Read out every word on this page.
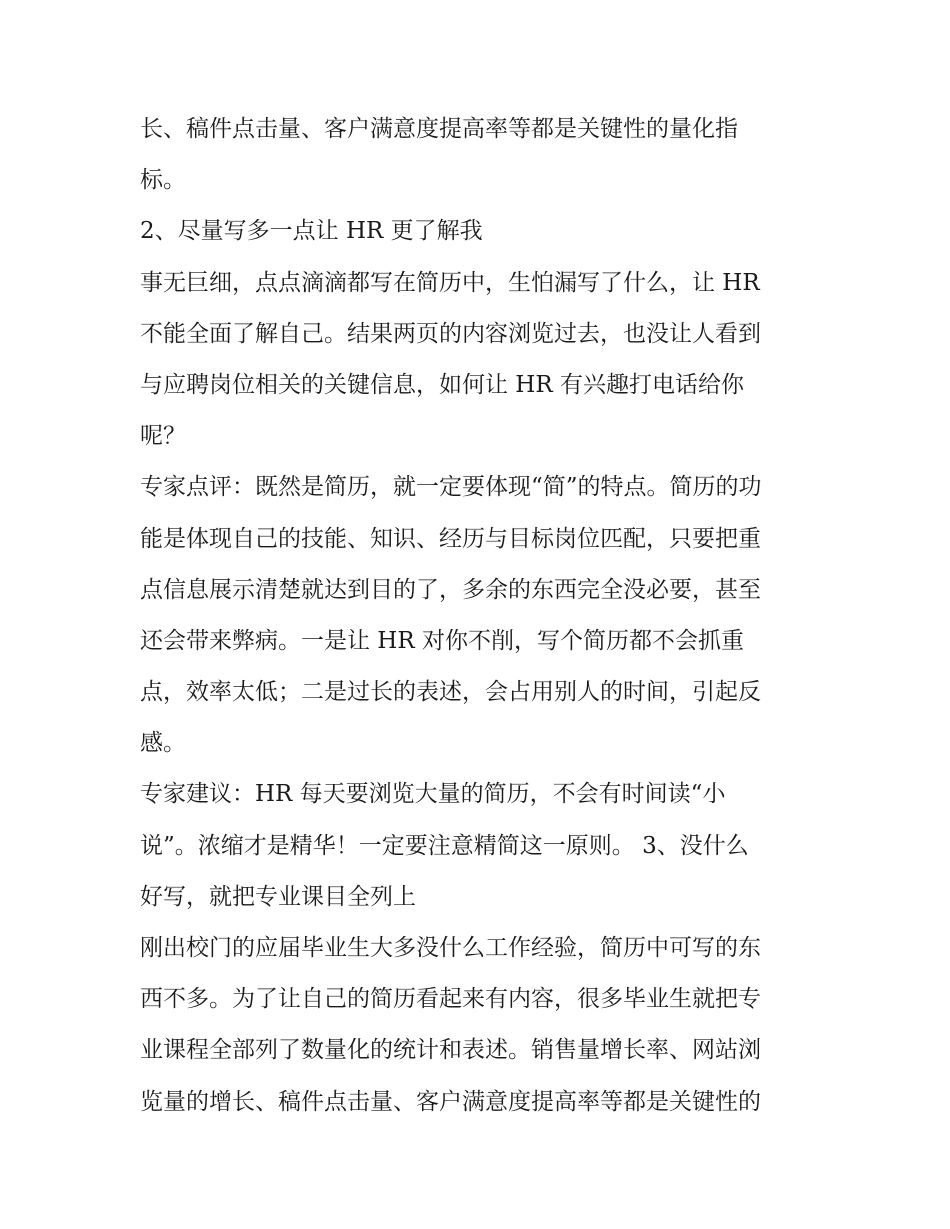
长、稿件点击量、客户满意度提高率等都是关键性的量化指
标。
2、尽量写多一点让 HR 更了解我
事无巨细，点点滴滴都写在简历中，生怕漏写了什么，让 HR
不能全面了解自己。结果两页的内容浏览过去，也没让人看到
与应聘岗位相关的关键信息，如何让 HR 有兴趣打电话给你
呢？
专家点评：既然是简历，就一定要体现“简”的特点。简历的功
能是体现自己的技能、知识、经历与目标岗位匹配，只要把重
点信息展示清楚就达到目的了，多余的东西完全没必要，甚至
还会带来弊病。一是让 HR 对你不削，写个简历都不会抓重
点，效率太低；二是过长的表述，会占用别人的时间，引起反
感。
专家建议：HR 每天要浏览大量的简历，不会有时间读“小
说”。浓缩才是精华！一定要注意精简这一原则。 3、没什么
好写，就把专业课目全列上
刚出校门的应届毕业生大多没什么工作经验，简历中可写的东
西不多。为了让自己的简历看起来有内容，很多毕业生就把专
业课程全部列了数量化的统计和表述。销售量增长率、网站浏
览量的增长、稿件点击量、客户满意度提高率等都是关键性的
